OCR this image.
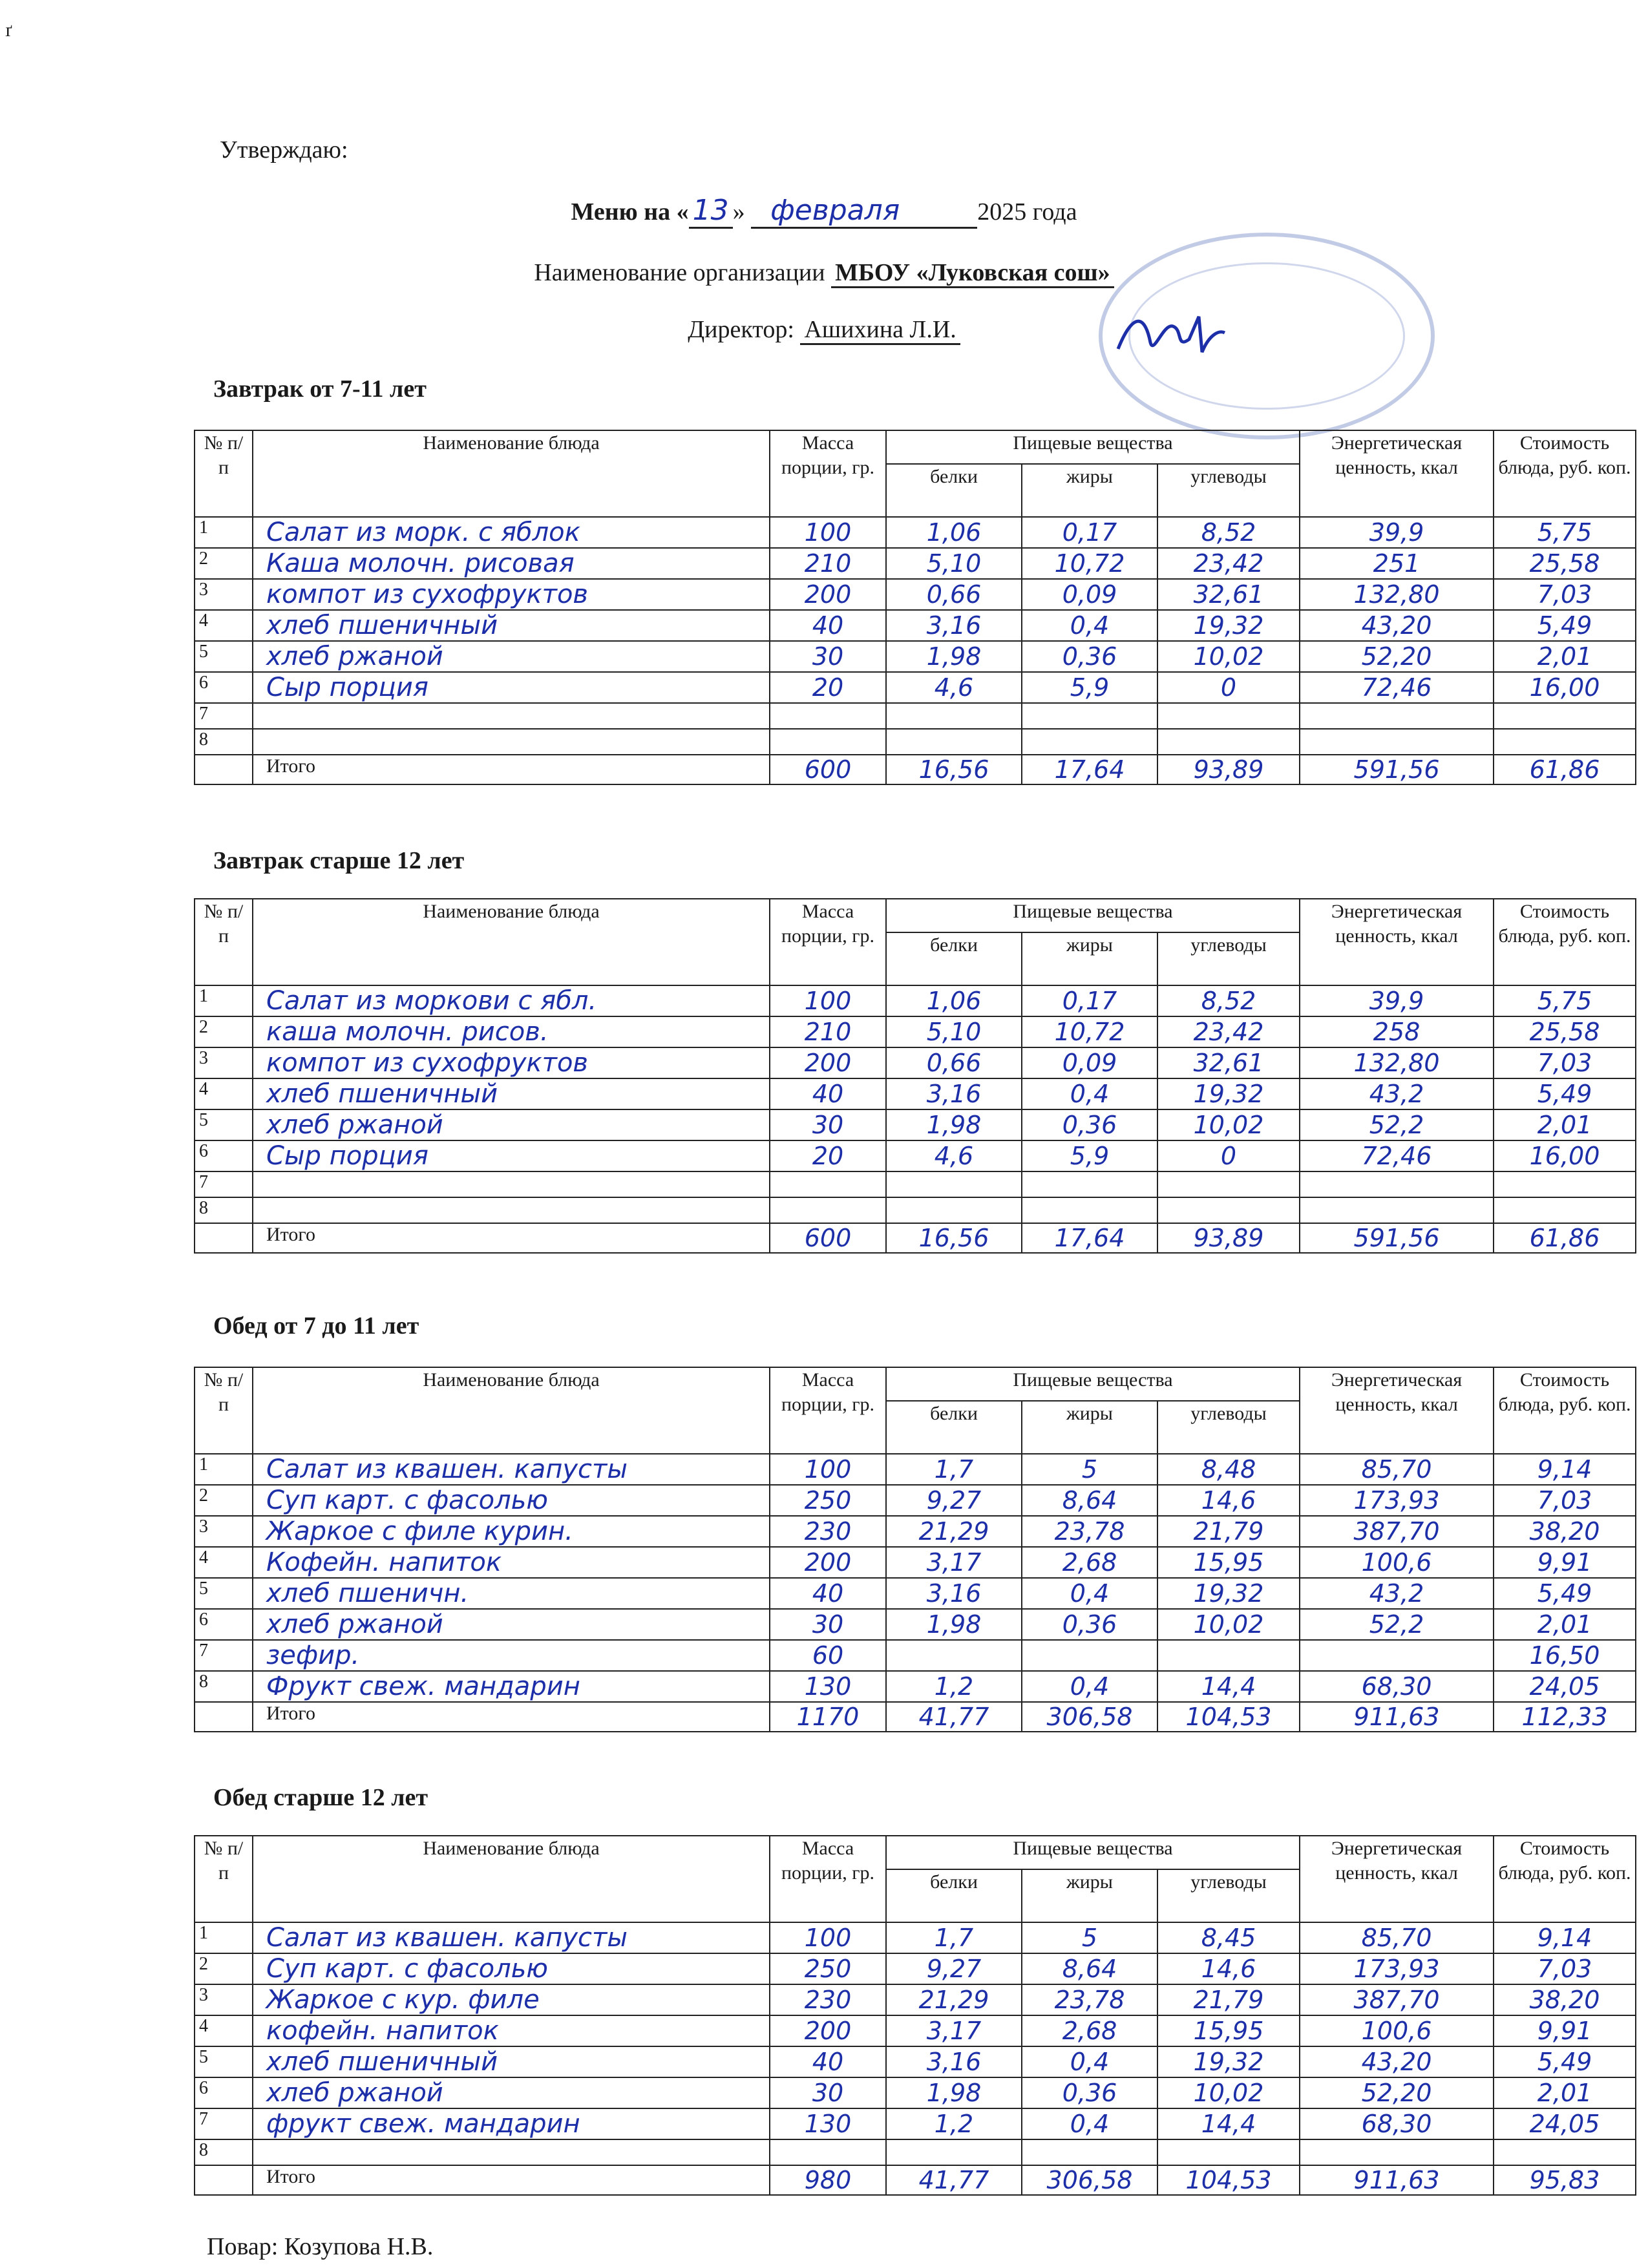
ґ
Утверждаю:
Меню на « 13 » февраля	2025 года
Наименование организации МБОУ «Луковская сош»
Директор: Ашихина Л.И.
Завтрак от 7-11 лет
№ п/п	Наименование блюда	Масса порции, гр.	Пищевые вещества			Энергетическая ценность, ккал	Стоимость блюда, руб. коп.
			белки	жиры	углеводы		
1	Салат из морк. с яблок	100	1,06	0,17	8,52	39,9	5,75
2	Каша молочн. рисовая	210	5,10	10,72	23,42	251	25,58
3	компот из сухофруктов	200	0,66	0,09	32,61	132,80	7,03
4	хлеб пшеничный	40	3,16	0,4	19,32	43,20	5,49
5	хлеб ржаной	30	1,98	0,36	10,02	52,20	2,01
6	Сыр порция	20	4,6	5,9	0	72,46	16,00
7							
8							
	Итого	600	16,56	17,64	93,89	591,56	61,86
Завтрак старше 12 лет
№ п/п	Наименование блюда	Масса порции, гр.	Пищевые вещества			Энергетическая ценность, ккал	Стоимость блюда, руб. коп.
			белки	жиры	углеводы		
1	Салат из моркови с ябл.	100	1,06	0,17	8,52	39,9	5,75
2	каша молочн. рисов.	210	5,10	10,72	23,42	258	25,58
3	компот из сухофруктов	200	0,66	0,09	32,61	132,80	7,03
4	хлеб пшеничный	40	3,16	0,4	19,32	43,2	5,49
5	хлеб ржаной	30	1,98	0,36	10,02	52,2	2,01
6	Сыр порция	20	4,6	5,9	0	72,46	16,00
7							
8							
	Итого	600	16,56	17,64	93,89	591,56	61,86
Обед от 7 до 11 лет
№ п/п	Наименование блюда	Масса порции, гр.	Пищевые вещества			Энергетическая ценность, ккал	Стоимость блюда, руб. коп.
			белки	жиры	углеводы		
1	Салат из квашен. капусты	100	1,7	5	8,48	85,70	9,14
2	Суп карт. с фасолью	250	9,27	8,64	14,6	173,93	7,03
3	Жаркое с филе курин.	230	21,29	23,78	21,79	387,70	38,20
4	Кофейн. напиток	200	3,17	2,68	15,95	100,6	9,91
5	хлеб пшеничн.	40	3,16	0,4	19,32	43,2	5,49
6	хлеб ржаной	30	1,98	0,36	10,02	52,2	2,01
7	зефир.	60					16,50
8	Фрукт свеж. мандарин	130	1,2	0,4	14,4	68,30	24,05
	Итого	1170	41,77	306,58	104,53	911,63	112,33
Обед старше 12 лет
№ п/п	Наименование блюда	Масса порции, гр.	Пищевые вещества			Энергетическая ценность, ккал	Стоимость блюда, руб. коп.
			белки	жиры	углеводы		
1	Салат из квашен. капусты	100	1,7	5	8,45	85,70	9,14
2	Суп карт. с фасолью	250	9,27	8,64	14,6	173,93	7,03
3	Жаркое с кур. филе	230	21,29	23,78	21,79	387,70	38,20
4	кофейн. напиток	200	3,17	2,68	15,95	100,6	9,91
5	хлеб пшеничный	40	3,16	0,4	19,32	43,20	5,49
6	хлеб ржаной	30	1,98	0,36	10,02	52,20	2,01
7	фрукт свеж. мандарин	130	1,2	0,4	14,4	68,30	24,05
8							
	Итого	980	41,77	306,58	104,53	911,63	95,83
Повар: Козупова Н.В.
